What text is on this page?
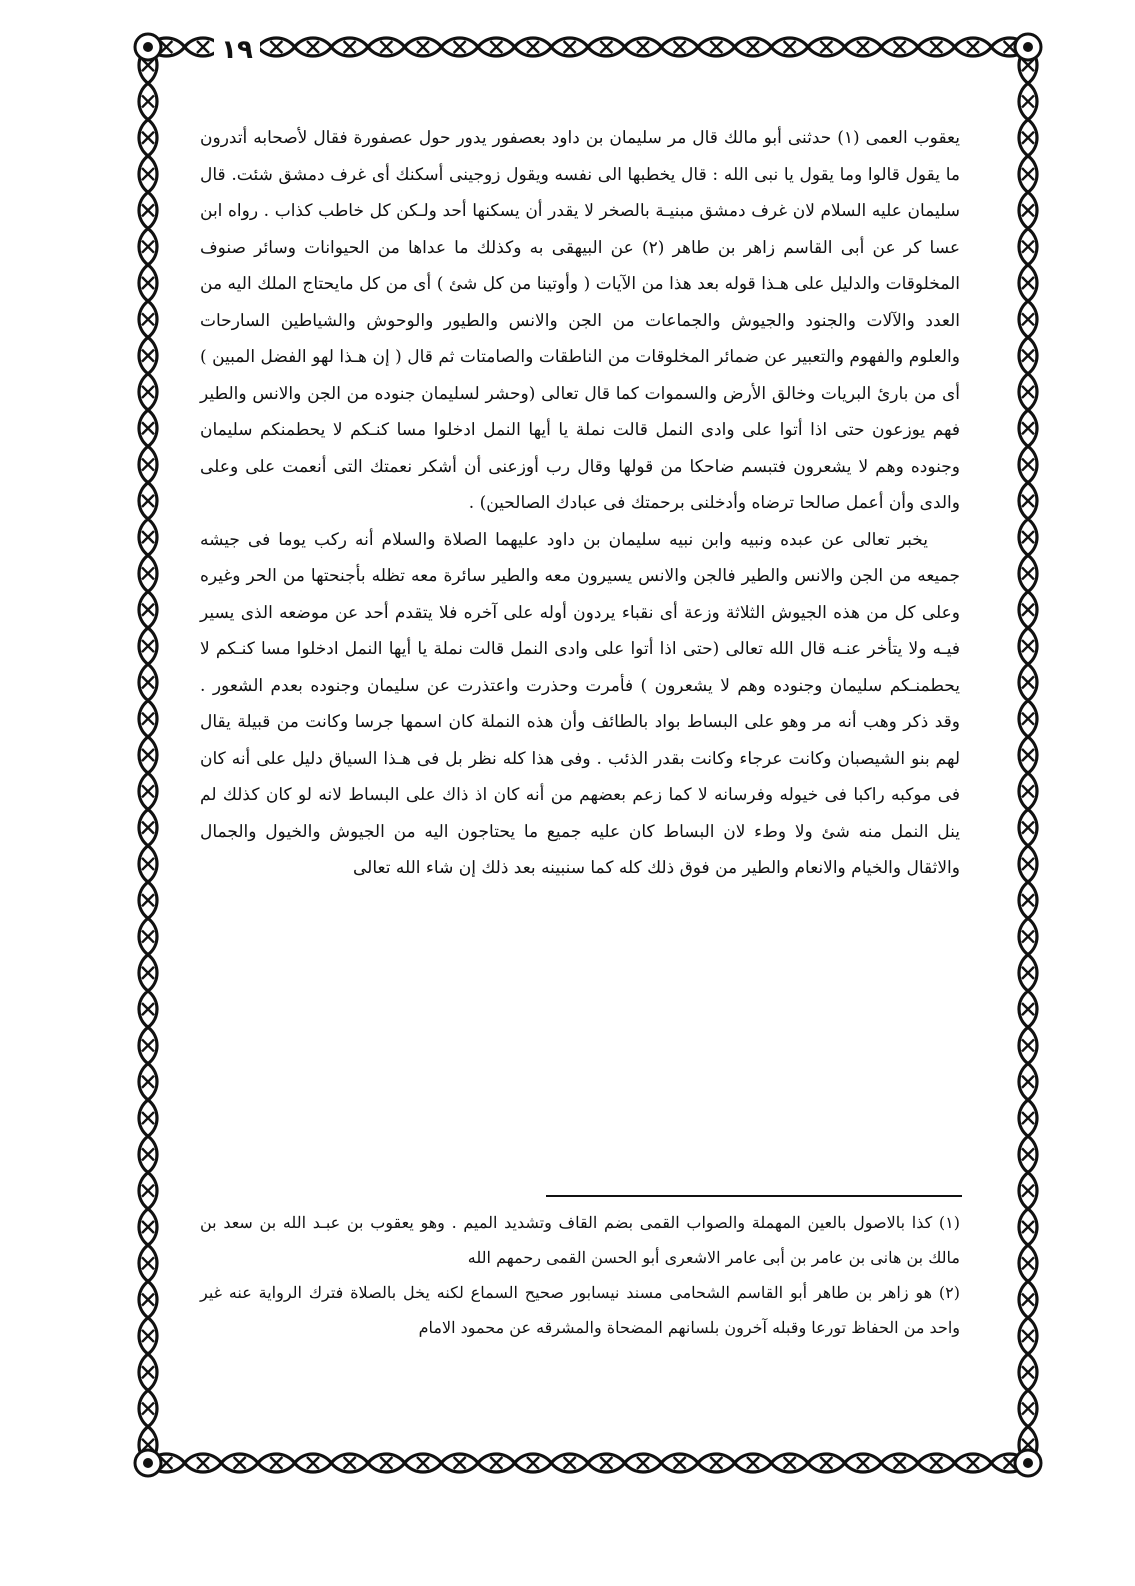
١٩

يعقوب العمى (١) حدثنى أبو مالك قال مر سليمان بن داود بعصفور يدور حول عصفورة فقال لأصحابه أتدرون ما يقول قالوا وما يقول يا نبى الله : قال يخطبها الى نفسه ويقول زوجينى أسكنك أى غرف دمشق شئت. قال سليمان عليه السلام لان غرف دمشق مبنيـة بالصخر لا يقدر أن يسكنها أحد ولـكن كل خاطب كذاب . رواه ابن عسا كر عن أبى القاسم زاهر بن طاهر (٢) عن البيهقى به وكذلك ما عداها من الحيوانات وسائر صنوف المخلوقات والدليل على هـذا قوله بعد هذا من الآيات ( وأوتينا من كل شئ ) أى من كل مايحتاج الملك اليه من العدد والآلات والجنود والجيوش والجماعات من الجن والانس والطيور والوحوش والشياطين السارحات والعلوم والفهوم والتعبير عن ضمائر المخلوقات من الناطقات والصامتات ثم قال ( إن هـذا لهو الفضل المبين ) أى من بارئ البريات وخالق الأرض والسموات كما قال تعالى (وحشر لسليمان جنوده من الجن والانس والطير فهم يوزعون حتى اذا أتوا على وادى النمل قالت نملة يا أيها النمل ادخلوا مسا كنـكم لا يحطمنكم سليمان وجنوده وهم لا يشعرون فتبسم ضاحكا من قولها وقال رب أوزعنى أن أشكر نعمتك التى أنعمت على وعلى والدى وأن أعمل صالحا ترضاه وأدخلنى برحمتك فى عبادك الصالحين) .

يخبر تعالى عن عبده ونبيه وابن نبيه سليمان بن داود عليهما الصلاة والسلام أنه ركب يوما فى جيشه جميعه من الجن والانس والطير فالجن والانس يسيرون معه والطير سائرة معه تظله بأجنحتها من الحر وغيره وعلى كل من هذه الجيوش الثلاثة وزعة أى نقباء يردون أوله على آخره فلا يتقدم أحد عن موضعه الذى يسير فيـه ولا يتأخر عنـه قال الله تعالى (حتى اذا أتوا على وادى النمل قالت نملة يا أيها النمل ادخلوا مسا كنـكم لا يحطمنـكم سليمان وجنوده وهم لا يشعرون ) فأمرت وحذرت واعتذرت عن سليمان وجنوده بعدم الشعور . وقد ذكر وهب أنه مر وهو على البساط بواد بالطائف وأن هذه النملة كان اسمها جرسا وكانت من قبيلة يقال لهم بنو الشيصبان وكانت عرجاء وكانت بقدر الذئب . وفى هذا كله نظر بل فى هـذا السياق دليل على أنه كان فى موكبه راكبا فى خيوله وفرسانه لا كما زعم بعضهم من أنه كان اذ ذاك على البساط لانه لو كان كذلك لم ينل النمل منه شئ ولا وطء لان البساط كان عليه جميع ما يحتاجون اليه من الجيوش والخيول والجمال والاثقال والخيام والانعام والطير من فوق ذلك كله كما سنبينه بعد ذلك إن شاء الله تعالى

(١) كذا بالاصول بالعين المهملة والصواب القمى بضم القاف وتشديد الميم . وهو يعقوب بن عبـد الله بن سعد بن مالك بن هانى بن عامر بن أبى عامر الاشعرى أبو الحسن القمى رحمهم الله

(٢) هو زاهر بن طاهر أبو القاسم الشحامى مسند نيسابور صحيح السماع لكنه يخل بالصلاة فترك الرواية عنه غير واحد من الحفاظ تورعا وقبله آخرون بلسانهم المضحاة والمشرقه عن محمود الامام
